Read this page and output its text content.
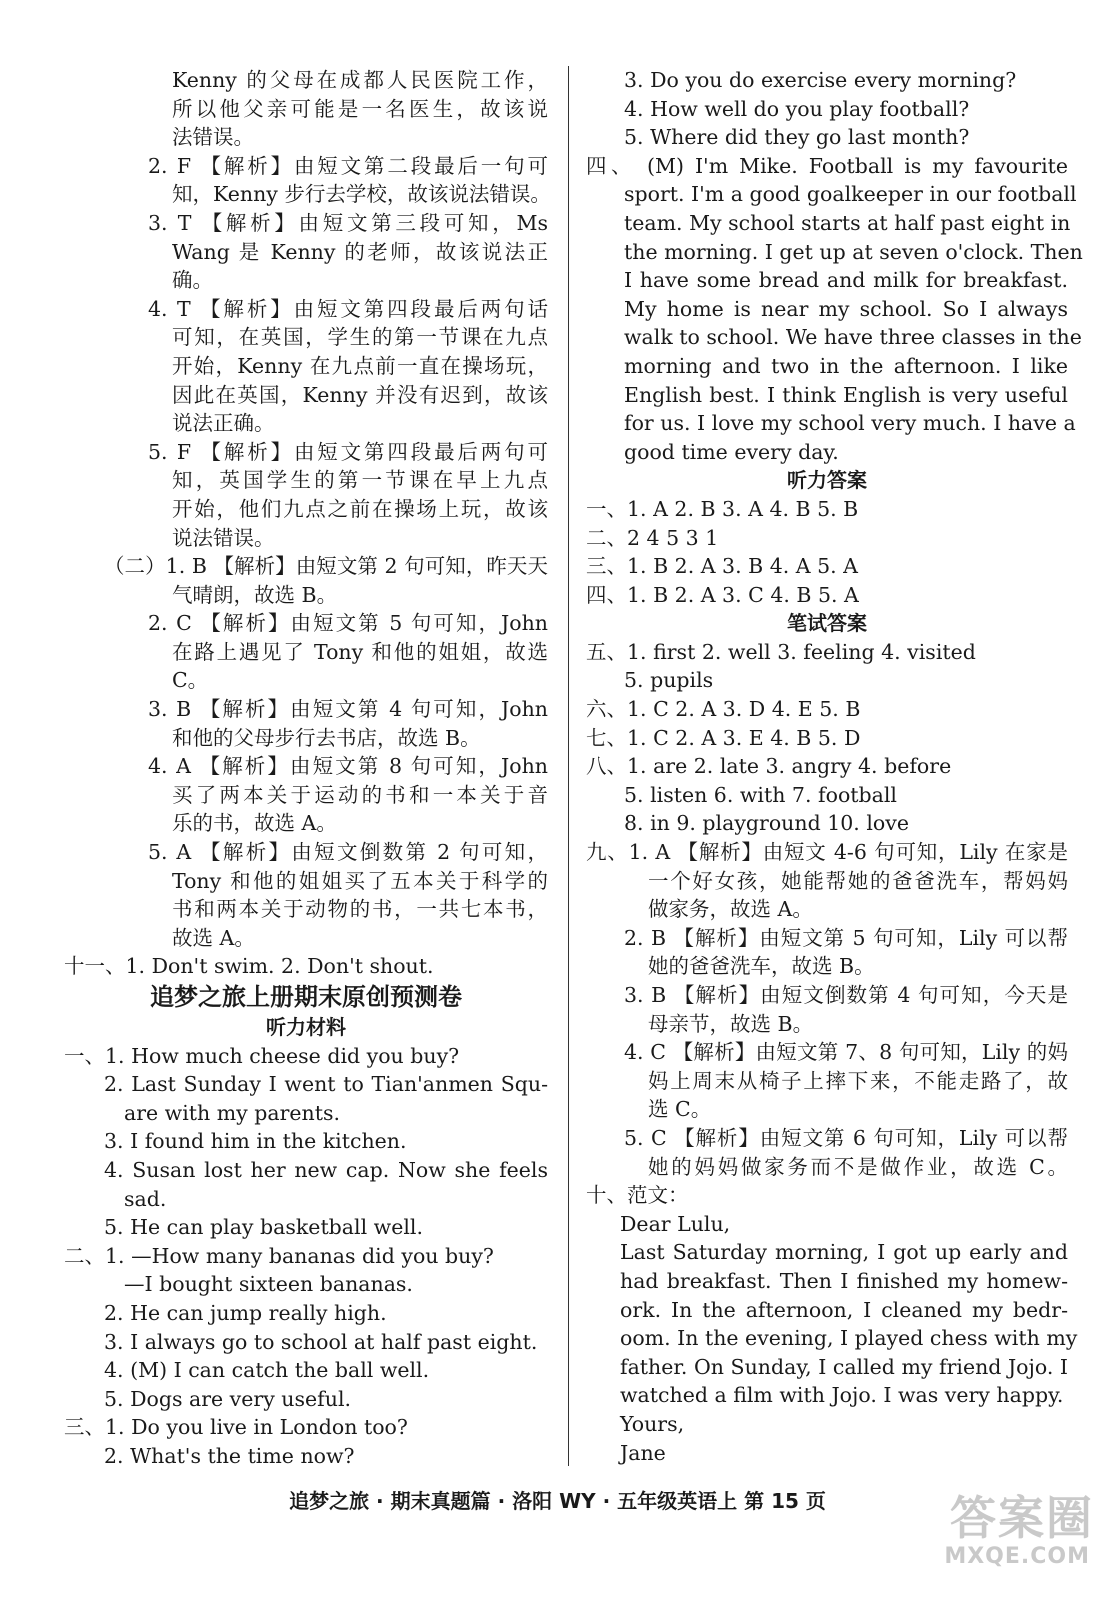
Kenny 的父母在成都人民医院工作，
所以他父亲可能是一名医生，故该说
法错误。
2. F 【解析】由短文第二段最后一句可
知，Kenny 步行去学校，故该说法错误。
3. T 【解析】由短文第三段可知，Ms
Wang 是 Kenny 的老师，故该说法正
确。
4. T 【解析】由短文第四段最后两句话
可知，在英国，学生的第一节课在九点
开始，Kenny 在九点前一直在操场玩，
因此在英国，Kenny 并没有迟到，故该
说法正确。
5. F 【解析】由短文第四段最后两句可
知，英国学生的第一节课在早上九点
开始，他们九点之前在操场上玩，故该
说法错误。
（二）1. B 【解析】由短文第 2 句可知，昨天天
气晴朗，故选 B。
2. C 【解析】由短文第 5 句可知，John
在路上遇见了 Tony 和他的姐姐，故选
C。
3. B 【解析】由短文第 4 句可知，John
和他的父母步行去书店，故选 B。
4. A 【解析】由短文第 8 句可知，John
买了两本关于运动的书和一本关于音
乐的书，故选 A。
5. A 【解析】由短文倒数第 2 句可知，
Tony 和他的姐姐买了五本关于科学的
书和两本关于动物的书，一共七本书，
故选 A。
十一、1. Don't swim. 2. Don't shout.
追梦之旅上册期末原创预测卷
听力材料
一、1. How much cheese did you buy?
2. Last Sunday I went to Tian'anmen Squ-
are with my parents.
3. I found him in the kitchen.
4. Susan lost her new cap. Now she feels
sad.
5. He can play basketball well.
二、1. —How many bananas did you buy?
—I bought sixteen bananas.
2. He can jump really high.
3. I always go to school at half past eight.
4. (M) I can catch the ball well.
5. Dogs are very useful.
三、1. Do you live in London too?
2. What's the time now?
3. Do you do exercise every morning?
4. How well do you play football?
5. Where did they go last month?
四、 (M) I'm Mike. Football is my favourite
sport. I'm a good goalkeeper in our football
team. My school starts at half past eight in
the morning. I get up at seven o'clock. Then
I have some bread and milk for breakfast.
My home is near my school. So I always
walk to school. We have three classes in the
morning and two in the afternoon. I like
English best. I think English is very useful
for us. I love my school very much. I have a
good time every day.
听力答案
一、1. A 2. B 3. A 4. B 5. B
二、2 4 5 3 1
三、1. B 2. A 3. B 4. A 5. A
四、1. B 2. A 3. C 4. B 5. A
笔试答案
五、1. first 2. well 3. feeling 4. visited
5. pupils
六、1. C 2. A 3. D 4. E 5. B
七、1. C 2. A 3. E 4. B 5. D
八、1. are 2. late 3. angry 4. before
5. listen 6. with 7. football
8. in 9. playground 10. love
九、1. A 【解析】由短文 4-6 句可知，Lily 在家是
一个好女孩，她能帮她的爸爸洗车，帮妈妈
做家务，故选 A。
2. B 【解析】由短文第 5 句可知，Lily 可以帮
她的爸爸洗车，故选 B。
3. B 【解析】由短文倒数第 4 句可知，今天是
母亲节，故选 B。
4. C 【解析】由短文第 7、8 句可知，Lily 的妈
妈上周末从椅子上摔下来，不能走路了，故
选 C。
5. C 【解析】由短文第 6 句可知，Lily 可以帮
她的妈妈做家务而不是做作业，故选 C。
十、范文：
Dear Lulu,
Last Saturday morning, I got up early and
had breakfast. Then I finished my homew-
ork. In the afternoon, I cleaned my bedr-
oom. In the evening, I played chess with my
father. On Sunday, I called my friend Jojo. I
watched a film with Jojo. I was very happy.
Yours,
Jane
追梦之旅 · 期末真题篇 · 洛阳 WY · 五年级英语上 第 15 页	答案圈
MXQE.COM
